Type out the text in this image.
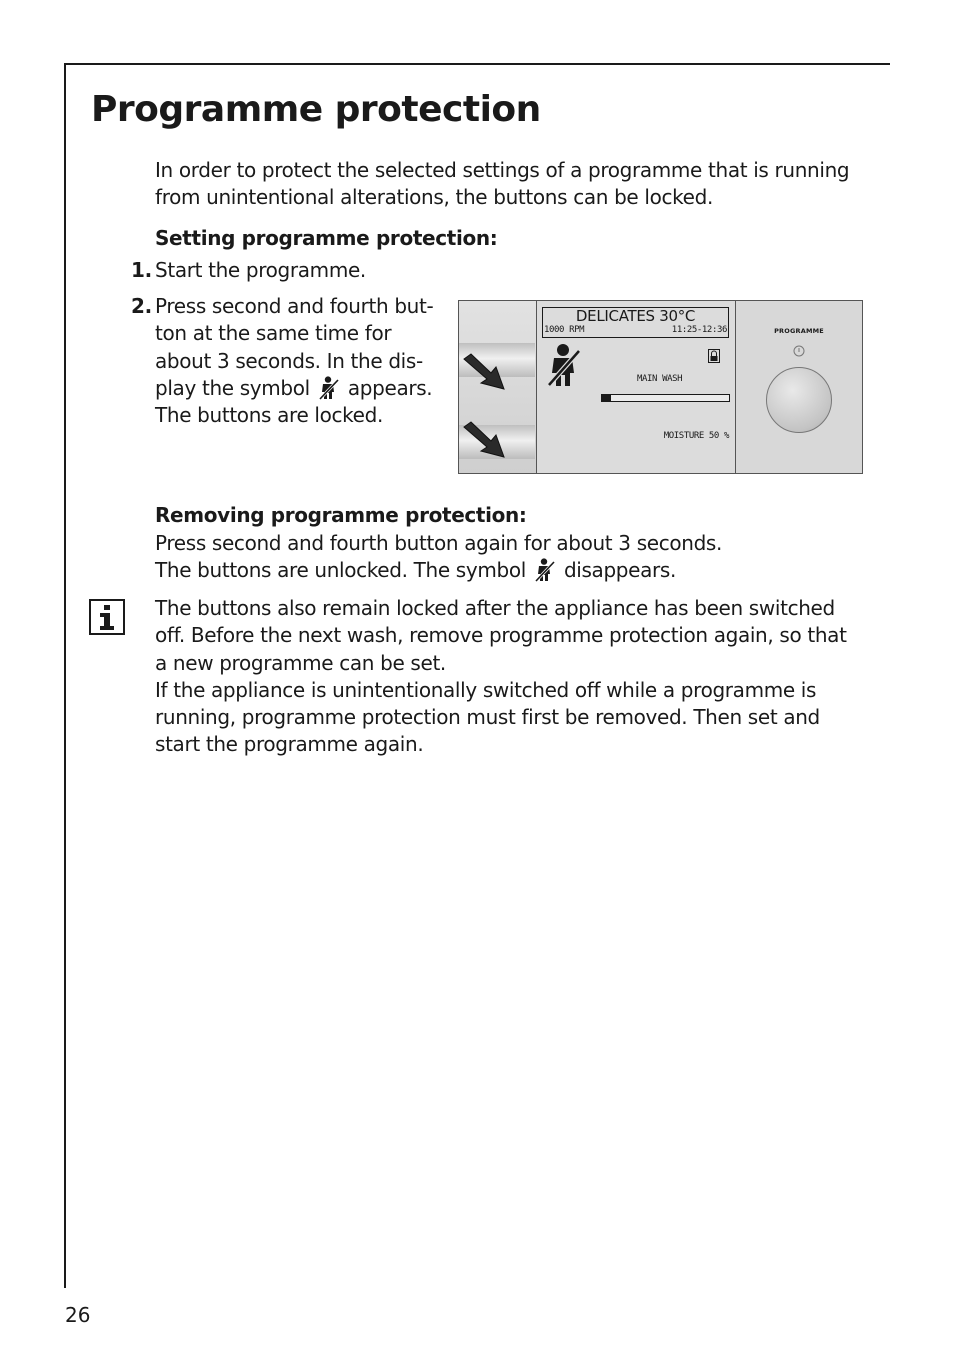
Programme protection

In order to protect the selected settings of a programme that is running

from unintentional alterations, the buttons can be locked.

Setting programme protection:
1. Start the programme.
2. Press second and fourth but-

ton at the same time for

about 3 seconds. In the dis-

play the symbol appears.

The buttons are locked.

DELICATES 30°C
1000 RPM	11:25-12:36
MAIN WASH
MOISTURE 50 %
PROGRAMME
Removing programme protection:

Press second and fourth button again for about 3 seconds.

The buttons are unlocked. The symbol disappears.

The buttons also remain locked after the appliance has been switched

off. Before the next wash, remove programme protection again, so that

a new programme can be set.

If the appliance is unintentionally switched off while a programme is

running, programme protection must first be removed. Then set and

start the programme again.

26
